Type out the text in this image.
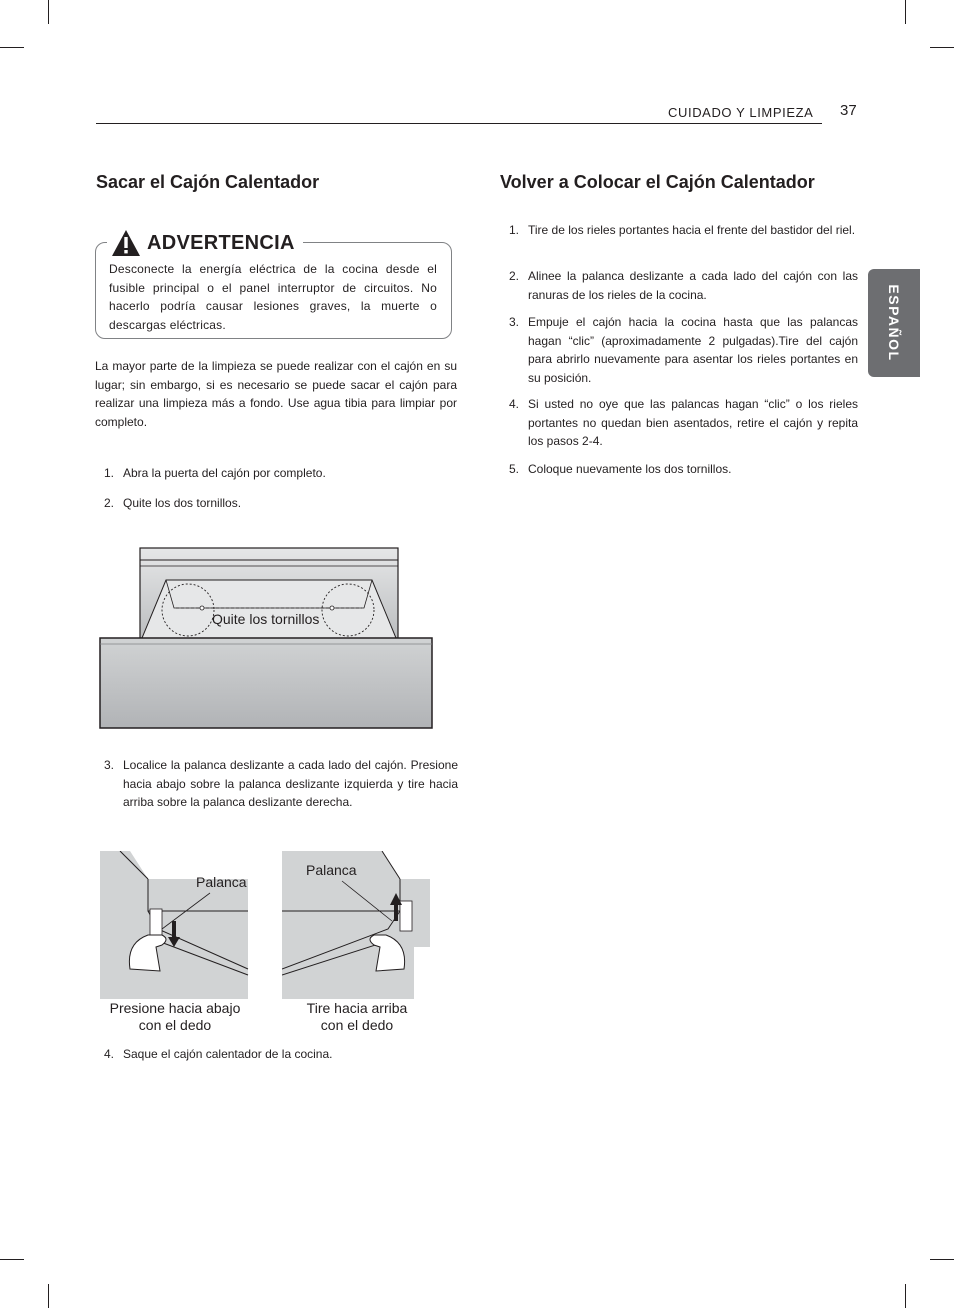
CUIDADO Y LIMPIEZA 37
ESPAÑOL
Sacar el Cajón Calentador
ADVERTENCIA
Desconecte la energía eléctrica de la cocina desde el fusible principal o el panel interruptor de circuitos. No hacerlo podría causar lesiones graves, la muerte o descargas eléctricas.
La mayor parte de la limpieza se puede realizar con el cajón en su lugar; sin embargo, si es necesario se puede sacar el cajón para realizar una limpieza más a fondo. Use agua tibia para limpiar por completo.
1. Abra la puerta del cajón por completo.
2. Quite los dos tornillos.
Quite los tornillos
3. Localice la palanca deslizante a cada lado del cajón. Presione hacia abajo sobre la palanca deslizante izquierda y tire hacia arriba sobre la palanca deslizante derecha.
Palanca
Presione hacia abajo
con el dedo
Palanca
Tire hacia arriba
con el dedo
4. Saque el cajón calentador de la cocina.
Volver a Colocar el Cajón Calentador
1. Tire de los rieles portantes hacia el frente del bastidor del riel.
2. Alinee la palanca deslizante a cada lado del cajón con las ranuras de los rieles de la cocina.
3. Empuje el cajón hacia la cocina hasta que las palancas hagan “clic” (aproximadamente 2 pulgadas).Tire del cajón para abrirlo nuevamente para asentar los rieles portantes en su posición.
4. Si usted no oye que las palancas hagan “clic” o los rieles portantes no quedan bien asentados, retire el cajón y repita los pasos 2-4.
5. Coloque nuevamente los dos tornillos.
